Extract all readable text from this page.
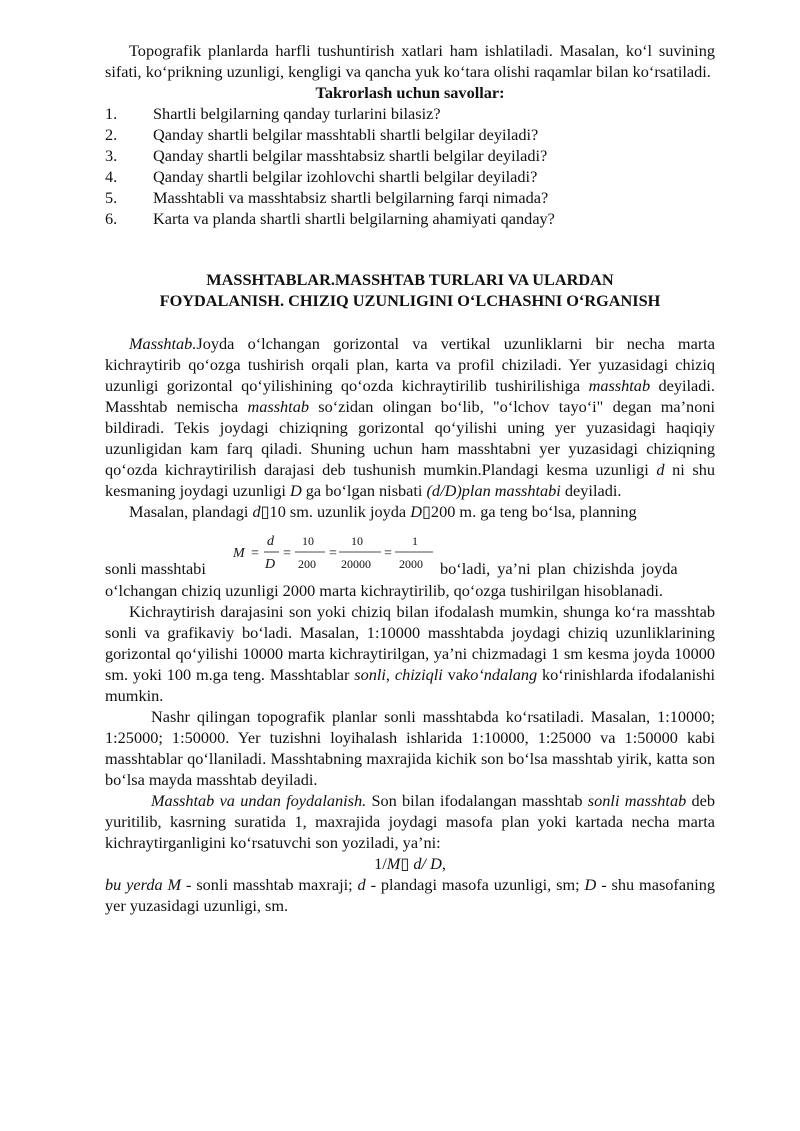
Topografik planlarda harfli tushuntirish xatlari ham ishlatiladi. Masalan, ko‘l suvining sifati, ko‘prikning uzunligi, kengligi va qancha yuk ko‘tara olishi raqamlar bilan ko‘rsatiladi.

Takrorlash uchun savollar:
1.	Shartli belgilarning qanday turlarini bilasiz?
2.	Qanday shartli belgilar masshtabli shartli belgilar deyiladi?
3.	Qanday shartli belgilar masshtabsiz shartli belgilar deyiladi?
4.	Qanday shartli belgilar izohlovchi shartli belgilar deyiladi?
5.	Masshtabli va masshtabsiz shartli belgilarning farqi nimada?
6.	Karta va planda shartli shartli belgilarning ahamiyati qanday?
MASSHTABLAR.MASSHTAB TURLARI VA ULARDAN
FOYDALANISH. CHIZIQ UZUNLIGINI O‘LCHASHNI O‘RGANISH

Masshtab.Joyda o‘lchangan gorizontal va vertikal uzunliklarni bir necha marta kichraytirib qo‘ozga tushirish orqali plan, karta va profil chiziladi. Yer yuzasidagi chiziq uzunligi gorizontal qo‘yilishining qo‘ozda kichraytirilib tushirilishiga masshtab deyiladi. Masshtab nemischa masshtab so‘zidan olingan bo‘lib, "o‘lchov tayo‘i" degan ma’noni bildiradi. Tekis joydagi chiziqning gorizontal qo‘yilishi uning yer yuzasidagi haqiqiy uzunligidan kam farq qiladi. Shuning uchun ham masshtabni yer yuzasidagi chiziqning qo‘ozda kichraytirilish darajasi deb tushunish mumkin.Plandagi kesma uzunligi d ni shu kesmaning joydagi uzunligi D ga bo‘lgan nisbati (d/D)plan masshtabi deyiladi.

Masalan, plandagi d▯10 sm. uzunlik joyda D▯200 m. ga teng bo‘lsa, planning

sonli masshtabi
M =
d
D
=
10
200
=
10
20000
=
1
2000 bo‘ladi, ya’ni plan chizishda joyda

o‘lchangan chiziq uzunligi 2000 marta kichraytirilib, qo‘ozga tushirilgan hisoblanadi.

Kichraytirish darajasini son yoki chiziq bilan ifodalash mumkin, shunga ko‘ra masshtab sonli va grafikaviy bo‘ladi. Masalan, 1:10000 masshtabda joydagi chiziq uzunliklarining gorizontal qo‘yilishi 10000 marta kichraytirilgan, ya’ni chizmadagi 1 sm kesma joyda 10000 sm. yoki 100 m.ga teng. Masshtablar sonli, chiziqli vako‘ndalang ko‘rinishlarda ifodalanishi mumkin.

Nashr qilingan topografik planlar sonli masshtabda ko‘rsatiladi. Masalan, 1:10000; 1:25000; 1:50000. Yer tuzishni loyihalash ishlarida 1:10000, 1:25000 va 1:50000 kabi masshtablar qo‘llaniladi. Masshtabning maxrajida kichik son bo‘lsa masshtab yirik, katta son bo‘lsa mayda masshtab deyiladi.

Masshtab va undan foydalanish. Son bilan ifodalangan masshtab sonli masshtab deb yuritilib, kasrning suratida 1, maxrajida joydagi masofa plan yoki kartada necha marta kichraytirganligini ko‘rsatuvchi son yoziladi, ya’ni:

1/M▯ d/ D,

bu yerda M - sonli masshtab maxraji; d - plandagi masofa uzunligi, sm; D - shu masofaning yer yuzasidagi uzunligi, sm.
